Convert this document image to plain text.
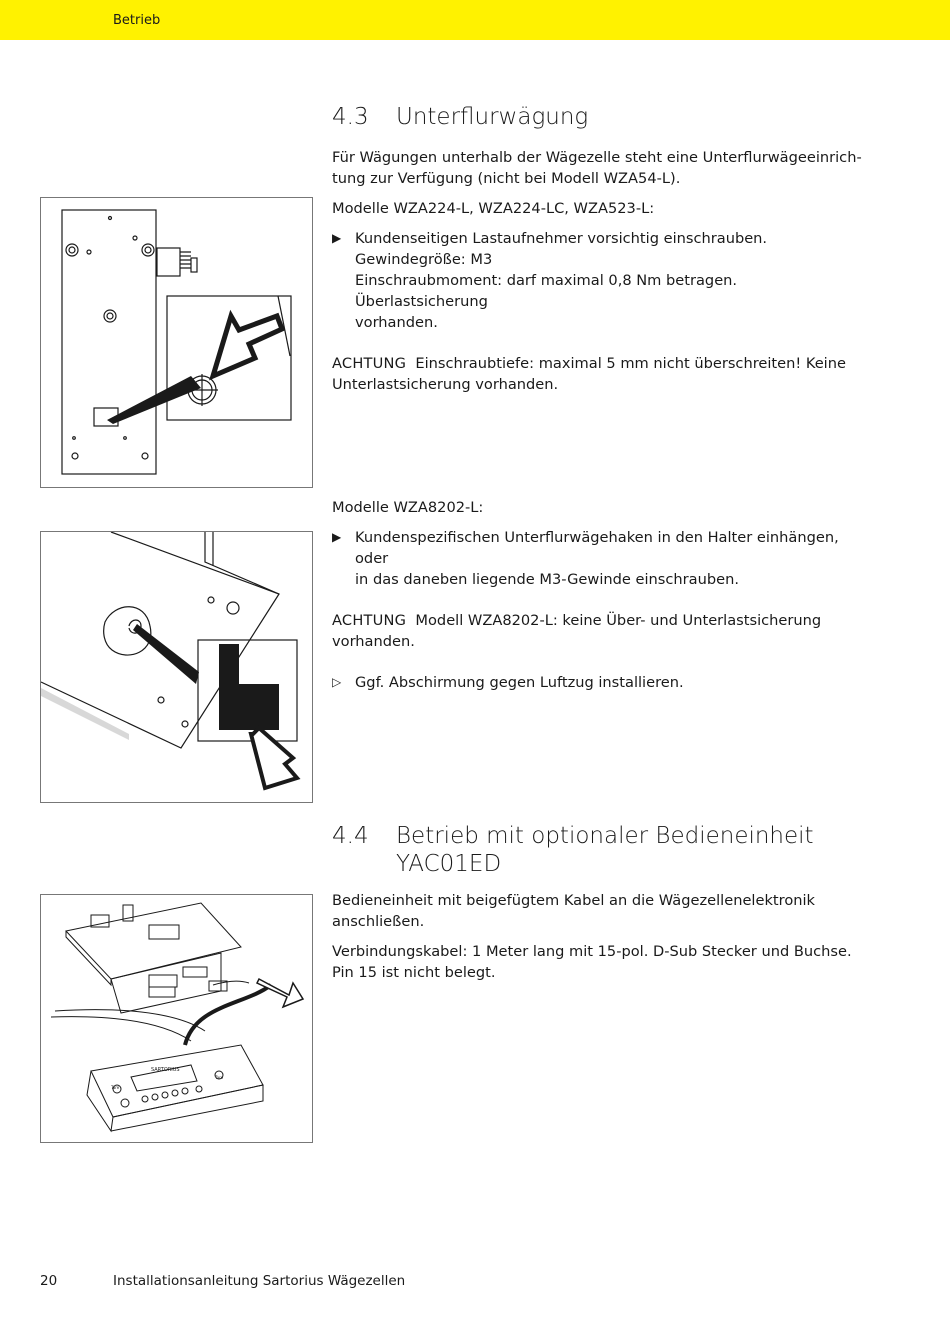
Betrieb
4.3	Unterflurwägung

Für Wägungen unterhalb der Wägezelle steht eine Unterflurwägeeinrich-
tung zur Verfügung (nicht bei Modell WZA54-L).

Modelle WZA224-L, WZA224-LC, WZA523-L:

▶ Kundenseitigen Lastaufnehmer vorsichtig einschrauben.
Gewindegröße: M3
Einschraubmoment: darf maximal 0,8 Nm betragen. Überlastsicherung
vorhanden.

ACHTUNG Einschraubtiefe: maximal 5 mm nicht überschreiten! Keine
Unterlastsicherung vorhanden.

Modelle WZA8202-L:

▶ Kundenspezifischen Unterflurwägehaken in den Halter einhängen, oder
in das daneben liegende M3-Gewinde einschrauben.

ACHTUNG Modell WZA8202-L: keine Über- und Unterlastsicherung
vorhanden.

▷ Ggf. Abschirmung gegen Luftzug installieren.

4.4	Betrieb mit optionaler Bedieneinheit
YAC01ED

Bedieneinheit mit beigefügtem Kabel an die Wägezellenelektronik
anschließen.

Verbindungskabel: 1 Meter lang mit 15-pol. D-Sub Stecker und Buchse.
Pin 15 ist nicht belegt.

SARTORIUS
Tare
Tare
20	Installationsanleitung Sartorius Wägezellen
